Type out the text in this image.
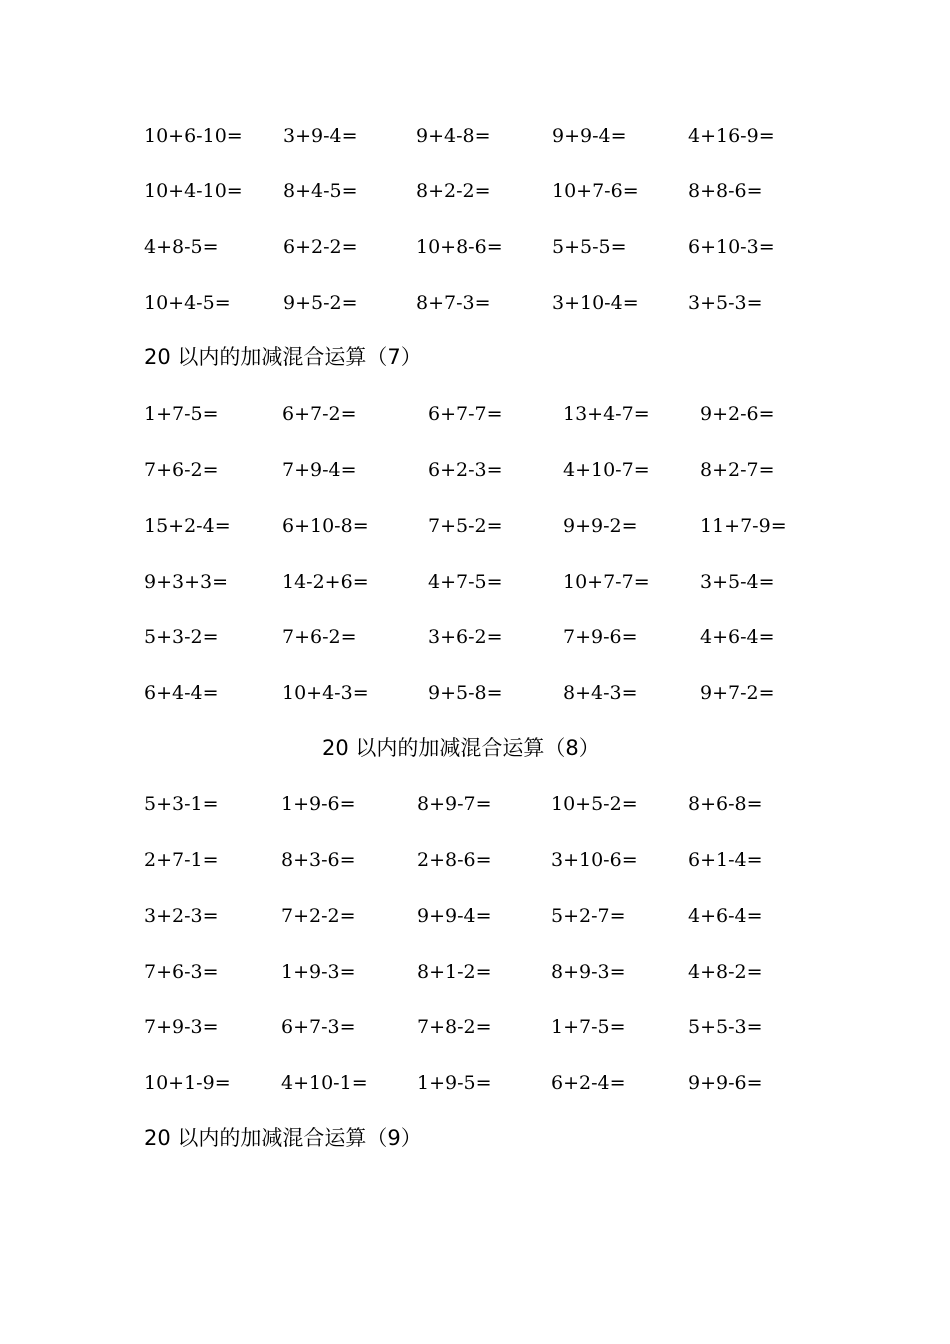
10+6-10= 3+9-4=	9+4-8=	9+9-4=	4+16-9=
10+4-10= 8+4-5=	8+2-2=	10+7-6=	8+8-6=
4+8-5=	6+2-2=	10+8-6=	5+5-5=	6+10-3=
10+4-5=	9+5-2=	8+7-3=	3+10-4=	3+5-3=
20 以内的加减混合运算（7）
1+7-5=	6+7-2=	6+7-7=	13+4-7=	9+2-6=
7+6-2=	7+9-4=	6+2-3=	4+10-7=	8+2-7=
15+2-4=	6+10-8=	7+5-2=	9+9-2=	11+7-9=
9+3+3=	14-2+6=	4+7-5=	10+7-7=	3+5-4=
5+3-2=	7+6-2=	3+6-2=	7+9-6=	4+6-4=
6+4-4=	10+4-3=	9+5-8=	8+4-3=	9+7-2=
20 以内的加减混合运算（8）
5+3-1=	1+9-6=	8+9-7=	10+5-2=	8+6-8=
2+7-1=	8+3-6=	2+8-6=	3+10-6=	6+1-4=
3+2-3=	7+2-2=	9+9-4=	5+2-7=	4+6-4=
7+6-3=	1+9-3=	8+1-2=	8+9-3=	4+8-2=
7+9-3=	6+7-3=	7+8-2=	1+7-5=	5+5-3=
10+1-9=	4+10-1=	1+9-5=	6+2-4=	9+9-6=
20 以内的加减混合运算（9）
